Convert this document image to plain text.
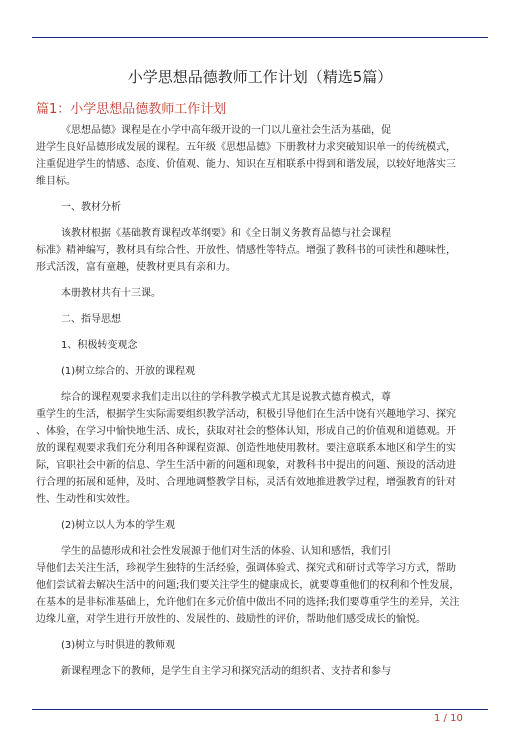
小学思想品德教师工作计划（精选5篇）
篇1：小学思想品德教师工作计划

《思想品德》课程是在小学中高年级开设的一门以儿童社会生活为基础，促
进学生良好品德形成发展的课程。五年级《思想品德》下册教材力求突破知识单一的传统模式，
注重促进学生的情感、态度、价值观、能力、知识在互相联系中得到和谐发展，以较好地落实三
维目标。

一、教材分析

该教材根据《基础教育课程改革纲要》和《全日制义务教育品德与社会课程
标准》精神编写，教材具有综合性、开放性、情感性等特点。增强了教科书的可读性和趣味性，
形式活泼，富有童趣，使教材更具有亲和力。

本册教材共有十三课。

二、指导思想

1、积极转变观念

(1)树立综合的、开放的课程观

综合的课程观要求我们走出以往的学科教学模式尤其是说教式德育模式，尊
重学生的生活，根据学生实际需要组织教学活动，积极引导他们在生活中饶有兴趣地学习、探究
、体验，在学习中愉快地生活、成长，获取对社会的整体认知，形成自己的价值观和道德观。开
放的课程观要求我们充分利用各种课程资源、创造性地使用教材。要注意联系本地区和学生的实
际，官职社会中新的信息、学生生活中新的问题和现象，对教科书中提出的问题、预设的活动进
行合理的拓展和延伸，及时、合理地调整教学目标，灵活有效地推进教学过程，增强教育的针对
性、生动性和实效性。

(2)树立以人为本的学生观

学生的品德形成和社会性发展源于他们对生活的体验、认知和感悟，我们引
导他们去关注生活，珍视学生独特的生活经验，强调体验式、探究式和研讨式等学习方式，帮助
他们尝试着去解决生活中的问题;我们要关注学生的健康成长，就要尊重他们的权利和个性发展，
在基本的是非标准基础上，允许他们在多元价值中做出不同的选择;我们要尊重学生的差异，关注
边缘儿童，对学生进行开放性的、发展性的、鼓励性的评价，帮助他们感受成长的愉悦。

(3)树立与时俱进的教师观

新课程理念下的教师，是学生自主学习和探究活动的组织者、支持者和参与

1 / 10
